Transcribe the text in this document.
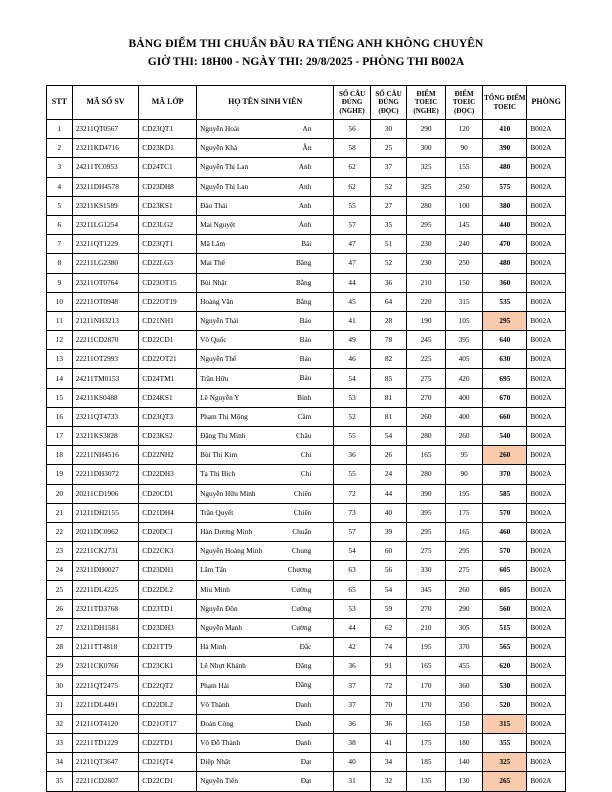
BẢNG ĐIỂM THI CHUẨN ĐẦU RA TIẾNG ANH KHÔNG CHUYÊN
GIỜ THI: 18H00 - NGÀY THI: 29/8/2025 - PHÒNG THI B002A
STT	MÃ SỐ SV	MÃ LỚP	HỌ TÊN SINH VIÊN	SỐ CÂU ĐÚNG (NGHE)	SỐ CÂU ĐÚNG (ĐỌC)	ĐIỂM TOEIC (NGHE)	ĐIỂM TOEIC (ĐỌC)	TỔNG ĐIỂM TOEIC	PHÒNG
1	23211QT0567	CD23QT1	Nguyễn Hoài An	56	30	290	120	410	B002A
2	23211KD4716	CD23KD1	Nguyễn Khả Ân	58	25	300	90	390	B002A
3	24211TC0953	CD24TC1	Nguyễn Thị Lan Anh	62	37	325	155	480	B002A
4	23211DH4578	CD23DH8	Nguyễn Thị Lan Anh	62	52	325	250	575	B002A
5	23211KS1589	CD23KS1	Đào Thái Anh	55	27	280	100	380	B002A
6	23211LG1254	CD23LG2	Mai Nguyệt Ánh	57	35	295	145	440	B002A
7	23211QT1229	CD23QT1	Mã Lâm Bái	47	51	230	240	470	B002A
8	22211LG2380	CD22LG3	Mai Thế Băng	47	52	230	250	480	B002A
9	23211OT0764	CD23OT15	Bùi Nhật Bằng	44	36	210	150	360	B002A
10	22211OT0948	CD22OT19	Hoàng Văn Bằng	45	64	220	315	535	B002A
11	21211NH3213	CD21NH1	Nguyễn Thái Bảo	41	28	190	105	295	B002A
12	22211CD2870	CD22CD1	Võ Quốc Bảo	49	78	245	395	640	B002A
13	22211OT2993	CD22OT21	Nguyễn Thế Bảo	46	82	225	405	630	B002A
14	24211TM0153	CD24TM1	Trần Hữu Báu	54	85	275	420	695	B002A
15	24211KS0488	CD24KS1	Lê Nguyễn Y Bình	53	81	270	400	670	B002A
16	23211QT4733	CD23QT3	Phạm Thị Mộng Cầm	52	81	260	400	660	B002A
17	23211KS3828	CD23KS2	Đặng Thị Minh Châu	55	54	280	260	540	B002A
18	22211NH4516	CD22NH2	Bùi Thị Kim Chi	36	26	165	95	260	B002A
19	22211DH3072	CD22DH3	Tạ Thị Bích Chi	55	24	280	90	370	B002A
20	20211CD1906	CD20CD1	Nguyễn Hữu Minh Chiến	72	44	390	195	585	B002A
21	21211DH2155	CD21DH4	Trần Quyết Chiến	73	40	395	175	570	B002A
22	20211DC0962	CD20DC1	Hàn Dương Minh Chuẩn	57	39	295	165	460	B002A
23	22211CK2731	CD22CK3	Nguyễn Hoàng Minh Chung	54	60	275	295	570	B002A
24	23211DH0027	CD23DH1	Lâm Tấn Chương	63	56	330	275	605	B002A
25	22211DL4225	CD22DL2	Miu Minh Cường	65	54	345	260	605	B002A
26	23211TD3768	CD23TD1	Nguyễn Đôn Cường	53	59	270	290	560	B002A
27	23211DH1581	CD23DH3	Nguyễn Mạnh Cường	44	62	210	305	515	B002A
28	21211TT4818	CD21TT9	Hà Minh Đắc	42	74	195	370	565	B002A
29	23211CK0766	CD23CK1	Lê Nhựt Khánh Đăng	36	91	165	455	620	B002A
30	22211QT2475	CD22QT2	Phạm Hải Đăng	37	72	170	360	530	B002A
31	22211DL4491	CD22DL2	Võ Thành Danh	37	70	170	350	520	B002A
32	21211OT4120	CD21OT17	Đoàn Công Danh	36	36	165	150	315	B002A
33	22211TD1229	CD22TD1	Võ Đỗ Thành Danh	38	41	175	180	355	B002A
34	21211QT3647	CD21QT4	Diệp Nhật Đạt	40	34	185	140	325	B002A
35	22211CD2607	CD22CD1	Nguyễn Tiến Đạt	31	32	135	130	265	B002A
